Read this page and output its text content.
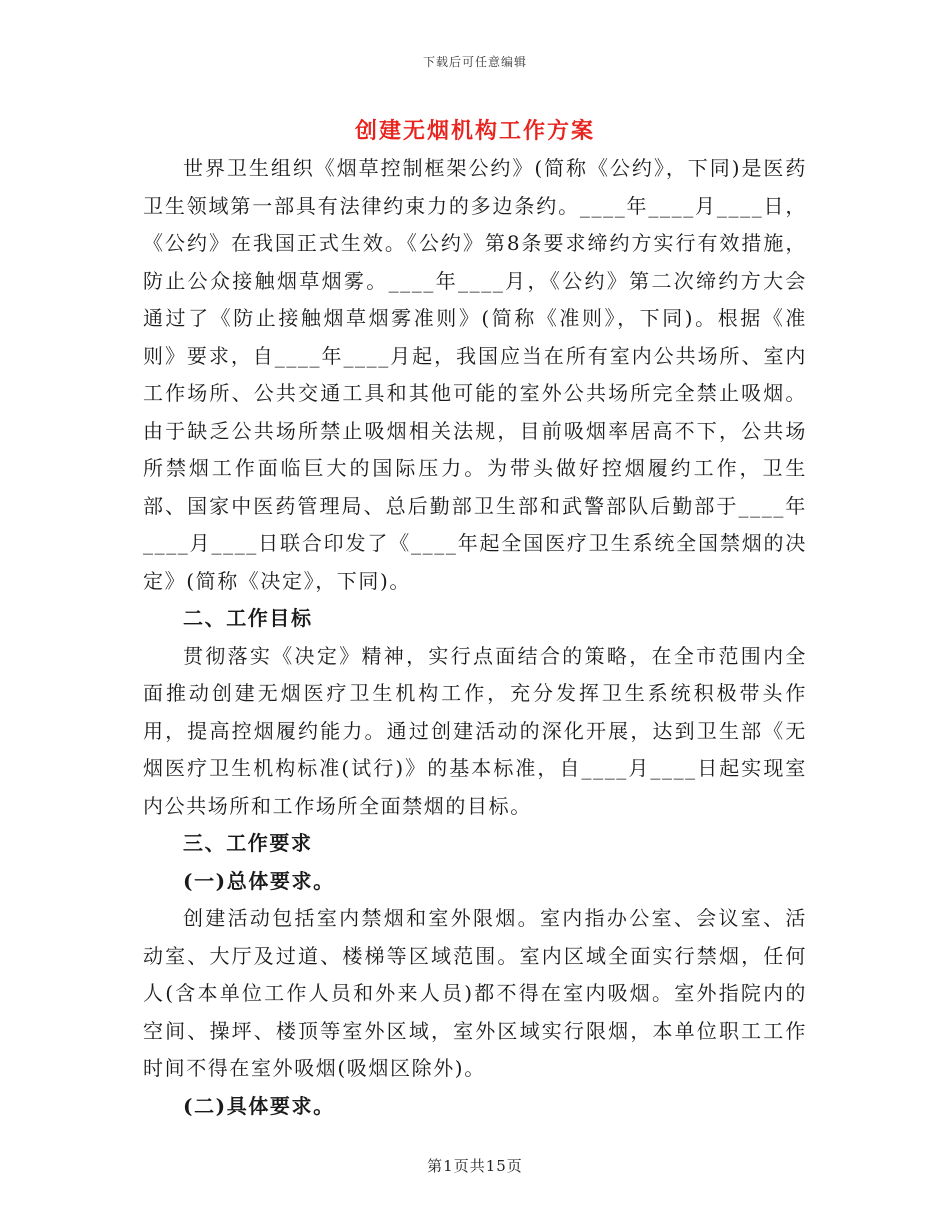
下载后可任意编辑
创建无烟机构工作方案

世界卫生组织《烟草控制框架公约》(简称《公约》，下同)是医药卫生领域第一部具有法律约束力的多边条约。____年____月____日，《公约》在我国正式生效。《公约》第8条要求缔约方实行有效措施，防止公众接触烟草烟雾。____年____月，《公约》第二次缔约方大会通过了《防止接触烟草烟雾准则》(简称《准则》，下同)。根据《准则》要求，自____年____月起，我国应当在所有室内公共场所、室内工作场所、公共交通工具和其他可能的室外公共场所完全禁止吸烟。由于缺乏公共场所禁止吸烟相关法规，目前吸烟率居高不下，公共场所禁烟工作面临巨大的国际压力。为带头做好控烟履约工作，卫生部、国家中医药管理局、总后勤部卫生部和武警部队后勤部于____年____月____日联合印发了《____年起全国医疗卫生系统全国禁烟的决定》(简称《决定》，下同)。

二、工作目标

贯彻落实《决定》精神，实行点面结合的策略，在全市范围内全面推动创建无烟医疗卫生机构工作，充分发挥卫生系统积极带头作用，提高控烟履约能力。通过创建活动的深化开展，达到卫生部《无烟医疗卫生机构标准(试行)》的基本标准，自____月____日起实现室内公共场所和工作场所全面禁烟的目标。

三、工作要求

(一)总体要求。

创建活动包括室内禁烟和室外限烟。室内指办公室、会议室、活动室、大厅及过道、楼梯等区域范围。室内区域全面实行禁烟，任何人(含本单位工作人员和外来人员)都不得在室内吸烟。室外指院内的空间、操坪、楼顶等室外区域，室外区域实行限烟，本单位职工工作时间不得在室外吸烟(吸烟区除外)。

(二)具体要求。

第1页共15页
